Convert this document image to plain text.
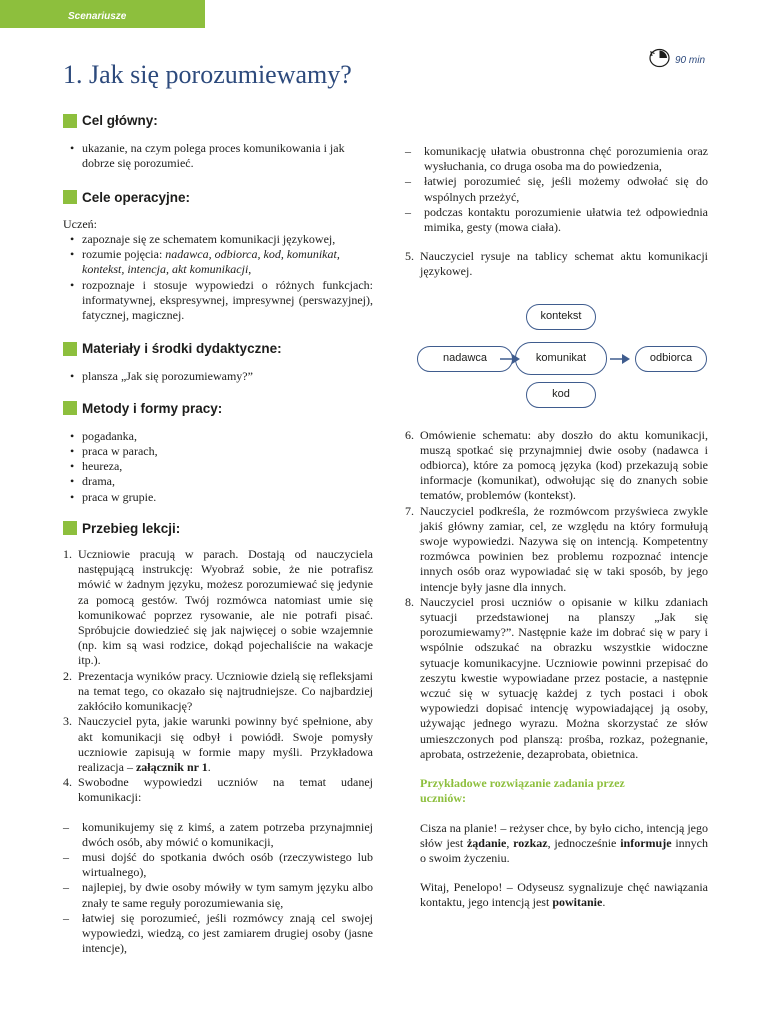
Scenariusze
90 min
1. Jak się porozumiewamy?
Cel główny:
• ukazanie, na czym polega proces komunikowania i jak dobrze się porozumieć.
Cele operacyjne:

Uczeń:

• zapoznaje się ze schematem komunikacji językowej,
• rozumie pojęcia: nadawca, odbiorca, kod, komunikat, kontekst, intencja, akt komunikacji,
• rozpoznaje i stosuje wypowiedzi o różnych funkcjach: informatywnej, ekspresywnej, impresywnej (perswazyjnej), fatycznej, magicznej.
Materiały i środki dydaktyczne:
• plansza „Jak się porozumiewamy?”
Metody i formy pracy:
• pogadanka,
• praca w parach,
• heureza,
• drama,
• praca w grupie.
Przebieg lekcji:
1. Uczniowie pracują w parach. Dostają od nauczyciela następującą instrukcję: Wyobraź sobie, że nie potrafisz mówić w żadnym języku, możesz porozumiewać się jedynie za pomocą gestów. Twój rozmówca natomiast umie się komunikować poprzez rysowanie, ale nie potrafi pisać. Spróbujcie dowiedzieć się jak najwięcej o sobie wzajemnie (np. kim są wasi rodzice, dokąd pojechaliście na wakacje itp.).
2. Prezentacja wyników pracy. Uczniowie dzielą się refleksjami na temat tego, co okazało się najtrudniejsze. Co najbardziej zakłóciło komunikację?
3. Nauczyciel pyta, jakie warunki powinny być spełnione, aby akt komunikacji się odbył i powiódł. Swoje pomysły uczniowie zapisują w formie mapy myśli. Przykładowa realizacja – załącznik nr 1.
4. Swobodne wypowiedzi uczniów na temat udanej komunikacji:
– komunikujemy się z kimś, a zatem potrzeba przynajmniej dwóch osób, aby mówić o komunikacji,
– musi dojść do spotkania dwóch osób (rzeczywistego lub wirtualnego),
– najlepiej, by dwie osoby mówiły w tym samym języku albo znały te same reguły porozumiewania się,
– łatwiej się porozumieć, jeśli rozmówcy znają cel swojej wypowiedzi, wiedzą, co jest zamiarem drugiej osoby (jasne intencje),
– komunikację ułatwia obustronna chęć porozumienia oraz wysłuchania, co druga osoba ma do powiedzenia,
– łatwiej porozumieć się, jeśli możemy odwołać się do wspólnych przeżyć,
– podczas kontaktu porozumienie ułatwia też odpowiednia mimika, gesty (mowa ciała).
5. Nauczyciel rysuje na tablicy schemat aktu komunikacji językowej.
kontekst
nadawca	komunikat	odbiorca
kod
6. Omówienie schematu: aby doszło do aktu komunikacji, muszą spotkać się przynajmniej dwie osoby (nadawca i odbiorca), które za pomocą języka (kod) przekazują sobie informacje (komunikat), odwołując się do znanych sobie tematów, problemów (kontekst).
7. Nauczyciel podkreśla, że rozmówcom przyświeca zwykle jakiś główny zamiar, cel, ze względu na który formułują swoje wypowiedzi. Nazywa się on intencją. Kompetentny rozmówca powinien bez problemu rozpoznać intencje innych osób oraz wypowiadać się w taki sposób, by jego intencje były jasne dla innych.
8. Nauczyciel prosi uczniów o opisanie w kilku zdaniach sytuacji przedstawionej na planszy „Jak się porozumiewamy?”. Następnie każe im dobrać się w pary i wspólnie odszukać na obrazku wszystkie widoczne sytuacje komunikacyjne. Uczniowie powinni przepisać do zeszytu kwestie wypowiadane przez postacie, a następnie wczuć się w sytuację każdej z tych postaci i obok wypowiedzi dopisać intencję wypowiadającej ją osoby, używając jednego wyrazu. Można skorzystać ze słów umieszczonych pod planszą: prośba, rozkaz, pożegnanie, aprobata, ostrzeżenie, dezaprobata, obietnica.

Przykładowe rozwiązanie zadania przez uczniów:

Cisza na planie! – reżyser chce, by było cicho, intencją jego słów jest żądanie, rozkaz, jednocześnie informuje innych o swoim życzeniu.

Witaj, Penelopo! – Odyseusz sygnalizuje chęć nawiązania kontaktu, jego intencją jest powitanie.
